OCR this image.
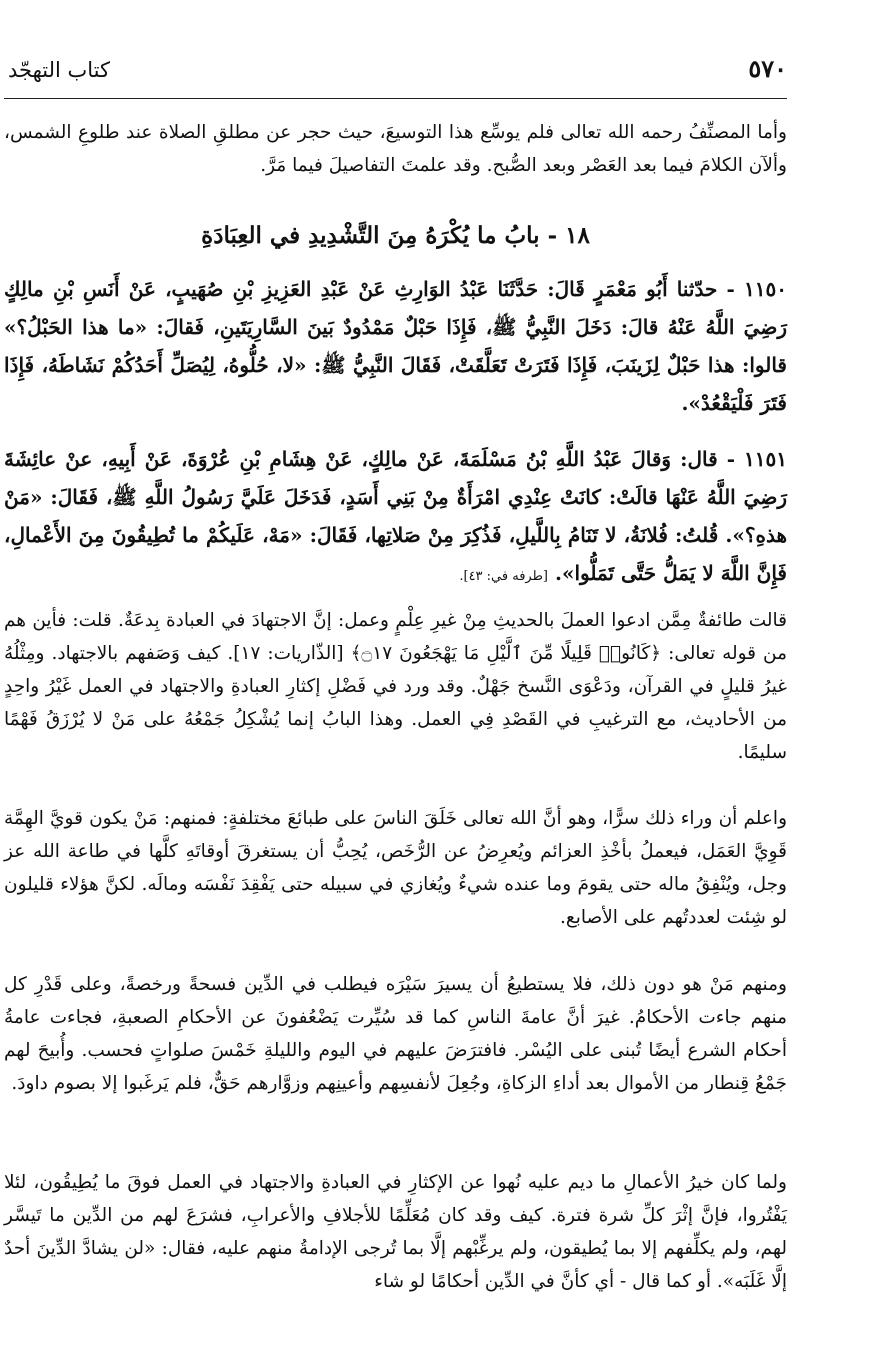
٥٧٠
كتاب التهجّد

وأما المصنِّفُ رحمه الله تعالى فلم يوسِّع هذا التوسيعَ، حيث حجر عن مطلقِ الصلاة عند طلوعِ الشمس، وألآن الكلامَ فيما بعد العَصْر وبعد الصُّبح. وقد علمتَ التفاصيلَ فيما مَرَّ.

١٨ - بابُ ما يُكْرَهُ مِنَ التَّشْدِيدِ في العِبَادَةِ

١١٥٠ - حدّثنا أَبُو مَعْمَرٍ قَالَ: حَدَّثَنَا عَبْدُ الوَارِثِ عَنْ عَبْدِ العَزِيزِ بْنِ صُهَيبٍ، عَنْ أَنَسِ بْنِ مالِكٍ رَضِيَ اللَّهُ عَنْهُ قالَ: دَخَلَ النَّبِيُّ ﷺ، فَإِذَا حَبْلٌ مَمْدُودٌ بَينَ السَّارِيَتَينِ، فَقالَ: «ما هذا الحَبْلُ؟» قالوا: هذا حَبْلٌ لِزَينَبَ، فَإِذَا فَتَرَتْ تَعَلَّقَتْ، فَقَالَ النَّبِيُّ ﷺ: «لا، حُلُّوهُ، لِيُصَلِّ أَحَدُكُمْ نَشَاطَهُ، فَإِذَا فَتَرَ فَلْيَقْعُدْ».

١١٥١ - قال: وَقالَ عَبْدُ اللَّهِ بْنُ مَسْلَمَةَ، عَنْ مالِكٍ، عَنْ هِشَامِ بْنِ عُرْوَةَ، عَنْ أَبِيهِ، عنْ عائِشَةَ رَضِيَ اللَّهُ عَنْهَا قالَتْ: كانَتْ عِنْدِي امْرَأَةٌ مِنْ بَنِي أَسَدٍ، فَدَخَلَ عَلَيَّ رَسُولُ اللَّهِ ﷺ، فَقَالَ: «مَنْ هذهِ؟». قُلتُ: فُلانَةُ، لا تَنَامُ بِاللَّيلِ، فَذُكِرَ مِنْ صَلاتِها، فَقَالَ: «مَهْ، عَلَيكُمْ ما تُطِيقُونَ مِنَ الأَعْمالِ، فَإِنَّ اللَّهَ لا يَمَلُّ حَتَّى تَمَلُّوا». [طرفه في: ٤٣].

قالت طائفةٌ مِمَّن ادعوا العملَ بالحديثِ مِنْ غيرِ عِلْمٍ وعمل: إنَّ الاجتهادَ في العبادة بِدعَةٌ. قلت: فأين هم من قوله تعالى: ﴿كَانُوا۟ قَلِيلًا مِّنَ ٱلَّيْلِ مَا يَهْجَعُونَ ۝١٧﴾ [الذّاريات: ١٧]. كيف وَصَفهم بالاجتهاد. ومِثْلُهُ غيرُ قليلٍ في القرآن، ودَعْوَى النَّسخ جَهْلٌ. وقد ورد في فَضْلِ إكثارِ العبادةِ والاجتهاد في العمل غَيْرُ واحِدٍ من الأحاديث، مع الترغيبِ في القَصْدِ فِي العمل. وهذا البابُ إنما يُشْكِلُ جَمْعُهُ على مَنْ لا يُرْزَقُ فَهْمًا سليمًا.

واعلم أن وراء ذلك سرًّا، وهو أنَّ الله تعالى خَلَقَ الناسَ على طبائعَ مختلفةٍ: فمنهم: مَنْ يكون قويَّ الهِمَّة قَوِيَّ العَمَل، فيعملُ بأخْذِ العزائم ويُعرِضُ عن الرُّخَص، يُحِبُّ أن يستغرقَ أوقاتَهِ كلَّها في طاعة الله عز وجل، ويُنْفِقُ ماله حتى يقومَ وما عنده شيءٌ ويُغازي في سبيله حتى يَفْقِدَ نَفْسَه ومالَه. لكنَّ هؤلاء قليلون لو شِئت لعددتُهم على الأصابع.

ومنهم مَنْ هو دون ذلك، فلا يستطيعُ أن يسيرَ سَيْرَه فيطلب في الدِّين فسحةً ورخصةً، وعلى قَدْرِ كل منهم جاءت الأحكامُ. غيرَ أنَّ عامةَ الناسِ كما قد سُيِّرت يَضْعُفونَ عن الأحكامِ الصعبةِ، فجاءت عامةُ أحكام الشرع أيضًا تُبنى على اليُسْر. فافترَضَ عليهم في اليوم والليلةِ خَمْسَ صلواتٍ فحسب. وأُبيحَ لهم جَمْعُ قِنطار من الأموال بعد أداءِ الزكاةِ، وجُعِلَ لأنفسِهم وأعينِهم وزوَّارهم حَقٌّ، فلم يَرغَبوا إلا بصوم داودَ.

ولما كان خيرُ الأعمالِ ما ديم عليه نُهوا عن الإكثارِ في العبادةِ والاجتهاد في العمل فوقَ ما يُطِيقُون، لئلا يَفْتُروا، فإنَّ إثْرَ كلِّ شرة فترة. كيف وقد كان مُعَلِّمًا للأجلافِ والأعرابِ، فشرَعَ لهم من الدِّين ما تَيسَّر لهم، ولم يكلِّفهم إلا بما يُطيقون، ولم يرغِّبْهم إلَّا بما تُرجى الإدامةُ منهم عليه، فقال: «لن يشادَّ الدِّينَ أحدٌ إلَّا غَلَبَه». أو كما قال - أي كأنَّ في الدِّين أحكامًا لو شاء
